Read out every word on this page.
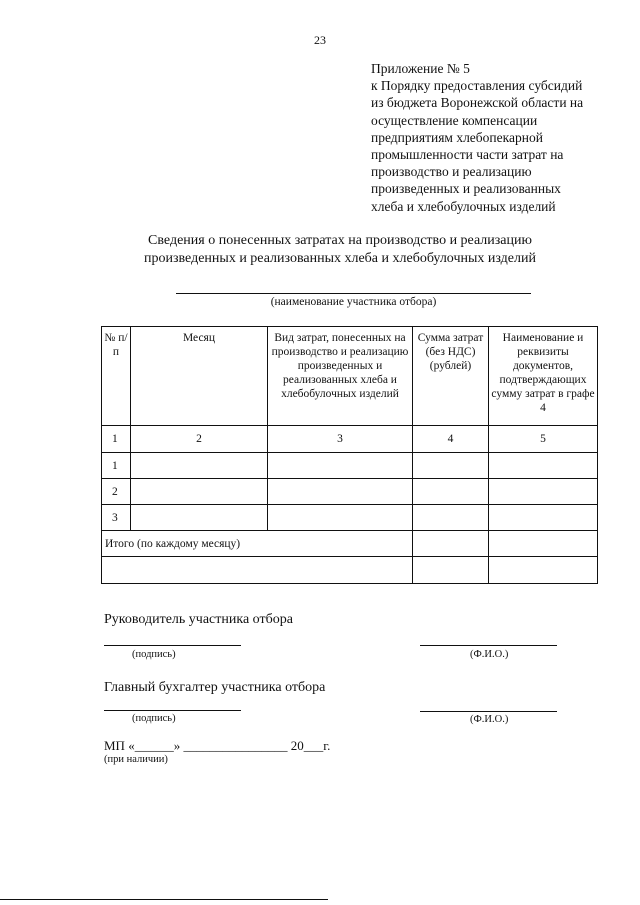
23
Приложение № 5
к Порядку предоставления субсидий
из бюджета Воронежской области на
осуществление компенсации
предприятиям хлебопекарной
промышленности части затрат на
производство и реализацию
произведенных и реализованных
хлеба и хлебобулочных изделий
Сведения о понесенных затратах на производство и реализацию
произведенных и реализованных хлеба и хлебобулочных изделий
(наименование участника отбора)
№ п/п	Месяц	Вид затрат, понесенных на производство и реализацию произведенных и реализованных хлеба и хлебобулочных изделий	Сумма затрат (без НДС) (рублей)	Наименование и реквизиты документов, подтверждающих сумму затрат в графе 4
1	2	3	4	5
1				
2				
3				
Итого (по каждому месяцу)				

Руководитель участника отбора
(подпись)	(Ф.И.О.)
Главный бухгалтер участника отбора
(подпись)	(Ф.И.О.)
МП «______» ________________ 20___г.
(при наличии)
